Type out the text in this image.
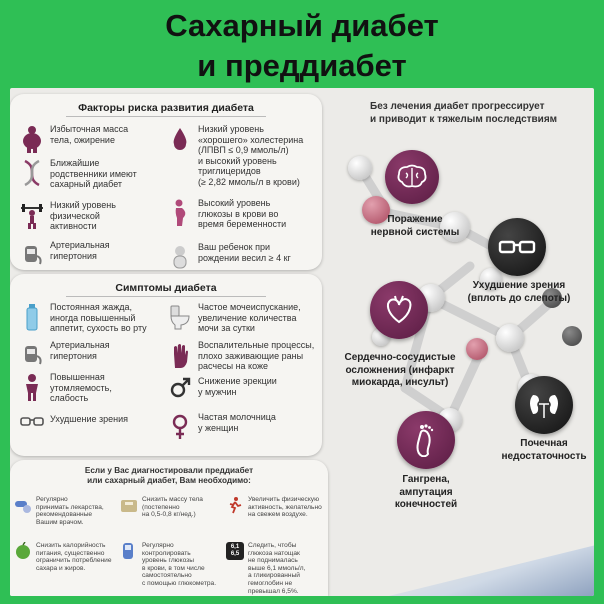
Сахарный диабет
и преддиабет
Факторы риска развития диабета
Избыточная масса
тела, ожирение
Ближайшие
родственники имеют
сахарный диабет
Низкий уровень
физической
активности
Артериальная
гипертония
Низкий уровень
«хорошего» холестерина
(ЛПВП ≤ 0,9 ммоль/л)
и высокий уровень
триглицеридов
(≥ 2,82 ммоль/л в крови)
Высокий уровень
глюкозы в крови во
время беременности
Ваш ребенок при
рождении весил ≥ 4 кг
Симптомы диабета
Постоянная жажда,
иногда повышенный
аппетит, сухость во рту
Артериальная
гипертония
Повышенная
утомляемость,
слабость
Ухудшение зрения
Частое мочеиспускание,
увеличение количества
мочи за сутки
Воспалительные процессы,
плохо заживающие раны
расчесы на коже
Снижение эрекции
у мужчин
Частая молочница
у женщин
Если у Вас диагностировали преддиабет
или сахарный диабет, Вам необходимо:
Регулярно
принимать лекарства,
рекомендованные
Вашим врачом.
Снизить массу тела
(постепенно
на 0,5-0,8 кг/нед.)
Увеличить физическую
активность, желательно
на свежем воздухе.
Снизить калорийность
питания, существенно
ограничить потребление
сахара и жиров.
Регулярно
контролировать
уровень глюкозы
в крови, в том числе
самостоятельно
с помощью глюкометра.
6,1
6,5
Следить, чтобы
глюкоза натощак
не поднималась
выше 6,1 ммоль/л,
а гликированный
гемоглобин не
превышал 6,5%.
Без лечения диабет прогрессирует
и приводит к тяжелым последствиям
Поражение
нервной системы
Ухудшение зрения
(вплоть до слепоты)
Сердечно-сосудистые
осложнения (инфаркт
миокарда, инсульт)
Почечная
недостаточность
Гангрена,
ампутация
конечностей
